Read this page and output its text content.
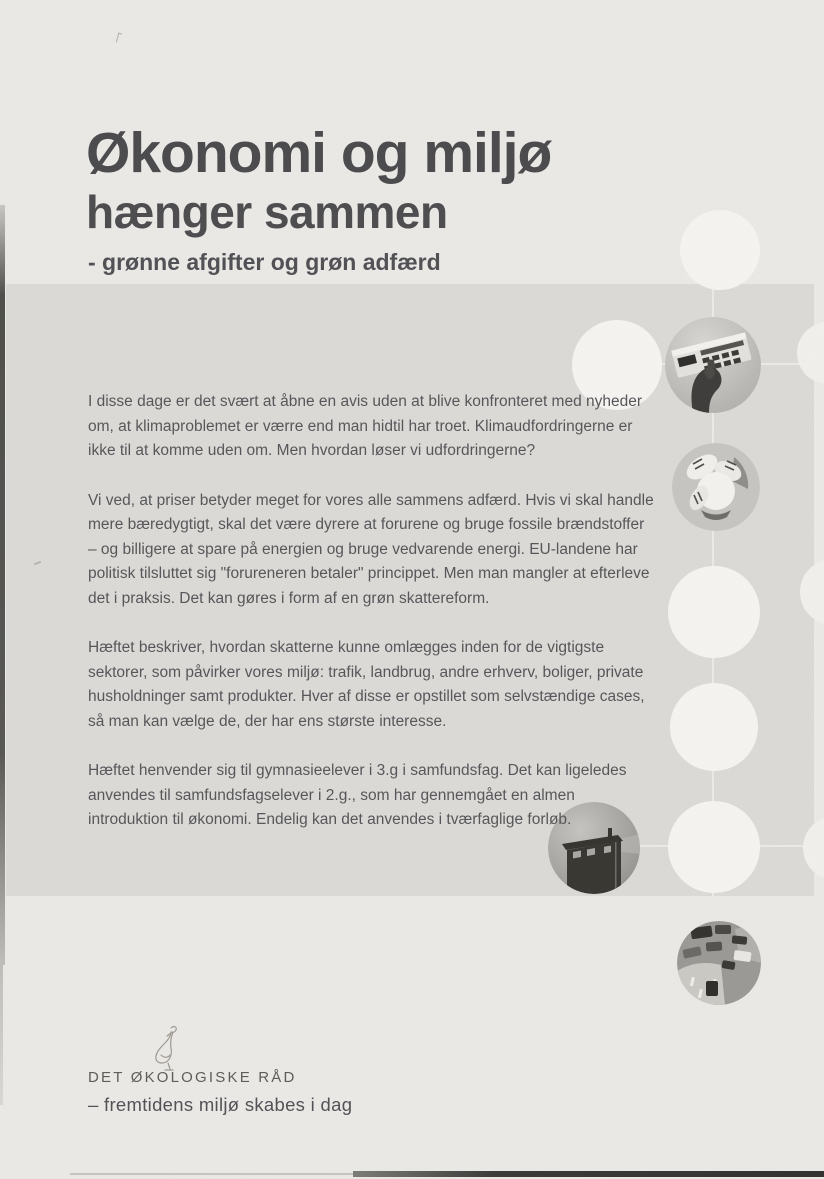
Økonomi og miljø
hænger sammen
- grønne afgifter og grøn adfærd

I disse dage er det svært at åbne en avis uden at blive konfronteret med nyheder om, at klimaproblemet er værre end man hidtil har troet. Klimaudfordringerne er ikke til at komme uden om. Men hvordan løser vi udfordringerne?

Vi ved, at priser betyder meget for vores alle sammens adfærd. Hvis vi skal handle mere bæredygtigt, skal det være dyrere at forurene og bruge fossile brændstoffer – og billigere at spare på energien og bruge vedvarende energi. EU-landene har politisk tilsluttet sig "forureneren betaler" princippet. Men man mangler at efterleve det i praksis. Det kan gøres i form af en grøn skattereform.

Hæftet beskriver, hvordan skatterne kunne omlægges inden for de vigtigste sektorer, som påvirker vores miljø: trafik, landbrug, andre erhverv, boliger, private husholdninger samt produkter. Hver af disse er opstillet som selvstændige cases, så man kan vælge de, der har ens største interesse.

Hæftet henvender sig til gymnasieelever i 3.g i samfundsfag. Det kan ligeledes anvendes til samfundsfagselever i 2.g., som har gennemgået en almen introduktion til økonomi. Endelig kan det anvendes i tværfaglige forløb.

DET ØKOLOGISKE RÅD
– fremtidens miljø skabes i dag
